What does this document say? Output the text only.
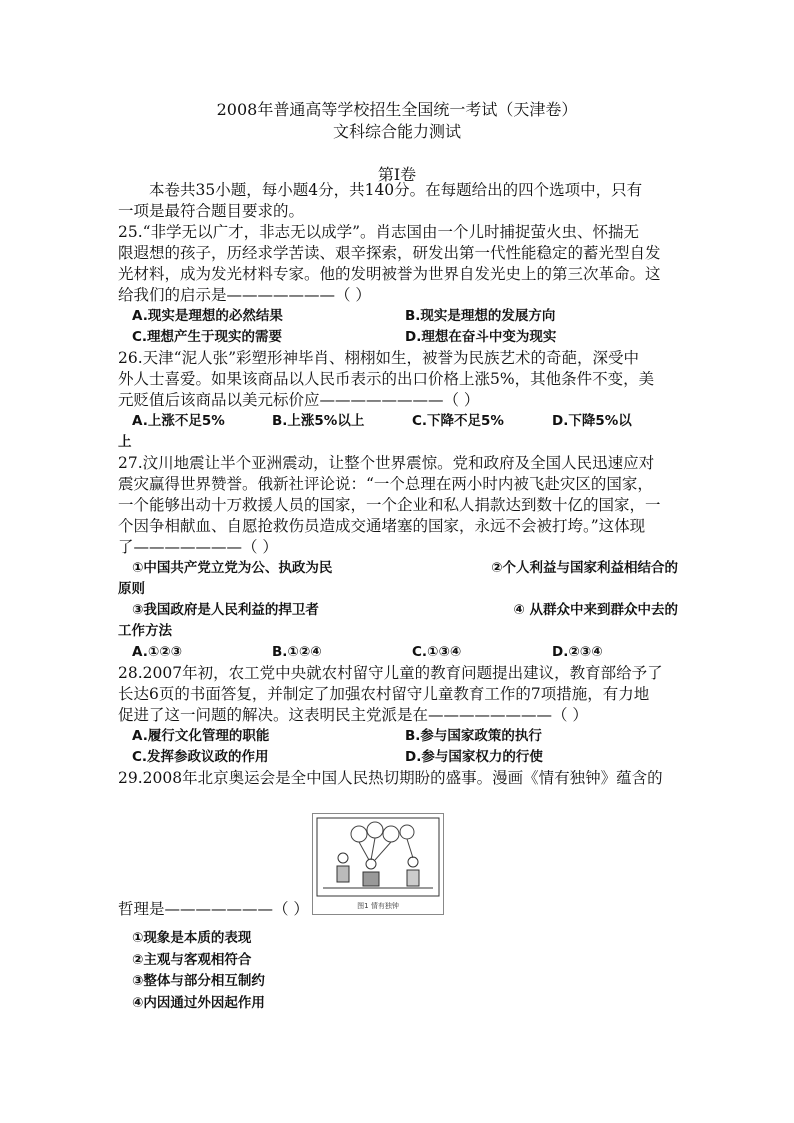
2008年普通高等学校招生全国统一考试（天津卷）
文科综合能力测试
第Ⅰ卷

本卷共35小题，每小题4分，共140分。在每题给出的四个选项中，只有

一项是最符合题目要求的。

25.“非学无以广才，非志无以成学”。肖志国由一个儿时捕捉萤火虫、怀揣无

限遐想的孩子，历经求学苦读、艰辛探索，研发出第一代性能稳定的蓄光型自发

光材料，成为发光材料专家。他的发明被誉为世界自发光史上的第三次革命。这

给我们的启示是———————（ ）

A.现实是理想的必然结果	B.现实是理想的发展方向
C.理想产生于现实的需要	D.理想在奋斗中变为现实

26.天津“泥人张”彩塑形神毕肖、栩栩如生，被誉为民族艺术的奇葩，深受中

外人士喜爱。如果该商品以人民币表示的出口价格上涨5%，其他条件不变，美

元贬值后该商品以美元标价应————————（ ）

A.上涨不足5%	B.上涨5%以上	C.下降不足5%	D.下降5%以
上

27.汶川地震让半个亚洲震动，让整个世界震惊。党和政府及全国人民迅速应对

震灾赢得世界赞誉。俄新社评论说：“一个总理在两小时内被飞赴灾区的国家，

一个能够出动十万救援人员的国家，一个企业和私人捐款达到数十亿的国家，一

个因争相献血、自愿抢救伤员造成交通堵塞的国家，永远不会被打垮。”这体现

了———————（ ）

①中国共产党立党为公、执政为民	②个人利益与国家利益相结合的
原则
③我国政府是人民利益的捍卫者	④ 从群众中来到群众中去的
工作方法
A.①②③	B.①②④	C.①③④	D.②③④

28.2007年初，农工党中央就农村留守儿童的教育问题提出建议，教育部给予了

长达6页的书面答复，并制定了加强农村留守儿童教育工作的7项措施，有力地

促进了这一问题的解决。这表明民主党派是在————————（ ）

A.履行文化管理的职能	B.参与国家政策的执行
C.发挥参政议政的作用	D.参与国家权力的行使

29.2008年北京奥运会是全中国人民热切期盼的盛事。漫画《情有独钟》蕴含的

图1 情有独钟
哲理是———————（ ）
①现象是本质的表现
②主观与客观相符合
③整体与部分相互制约
④内因通过外因起作用
